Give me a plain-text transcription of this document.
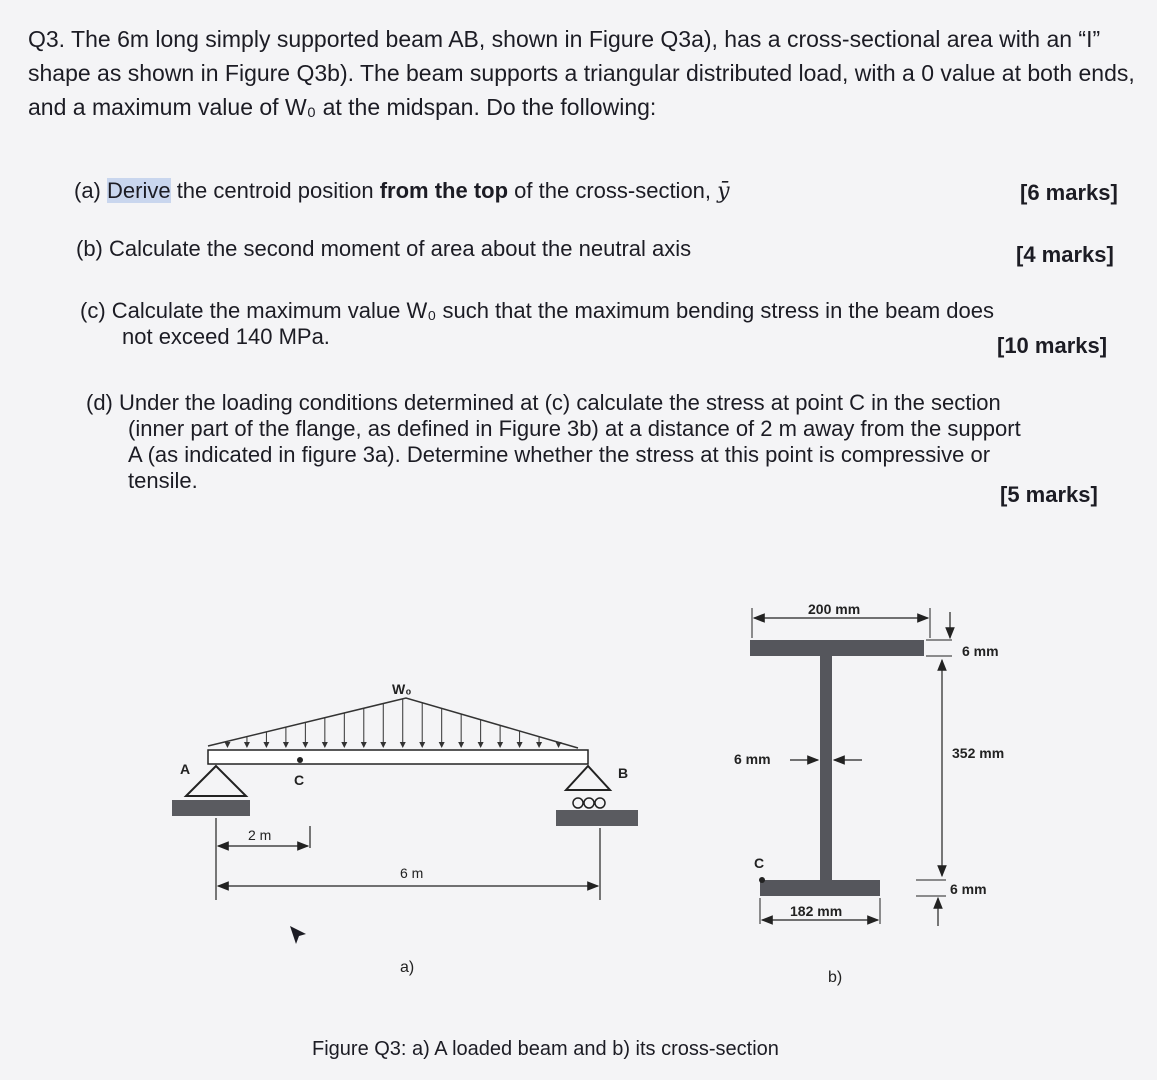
Q3. The 6m long simply supported beam AB, shown in Figure Q3a), has a cross-sectional area with an “I” shape as shown in Figure Q3b). The beam supports a triangular distributed load, with a 0 value at both ends, and a maximum value of W₀ at the midspan. Do the following:
(a) Derive the centroid position from the top of the cross-section, ȳ	[6 marks]
(b) Calculate the second moment of area about the neutral axis	[4 marks]
(c) Calculate the maximum value W₀ such that the maximum bending stress in the beam does
not exceed 140 MPa.	[10 marks]
(d) Under the loading conditions determined at (c) calculate the stress at point C in the section
(inner part of the flange, as defined in Figure 3b) at a distance of 2 m away from the support
A (as indicated in figure 3a). Determine whether the stress at this point is compressive or
tensile.
[5 marks]
W₀
A	B
C
2 m
6 m
a)
200 mm
6 mm
352 mm
6 mm
C
6 mm
182 mm
b)
Figure Q3: a) A loaded beam and b) its cross-section
